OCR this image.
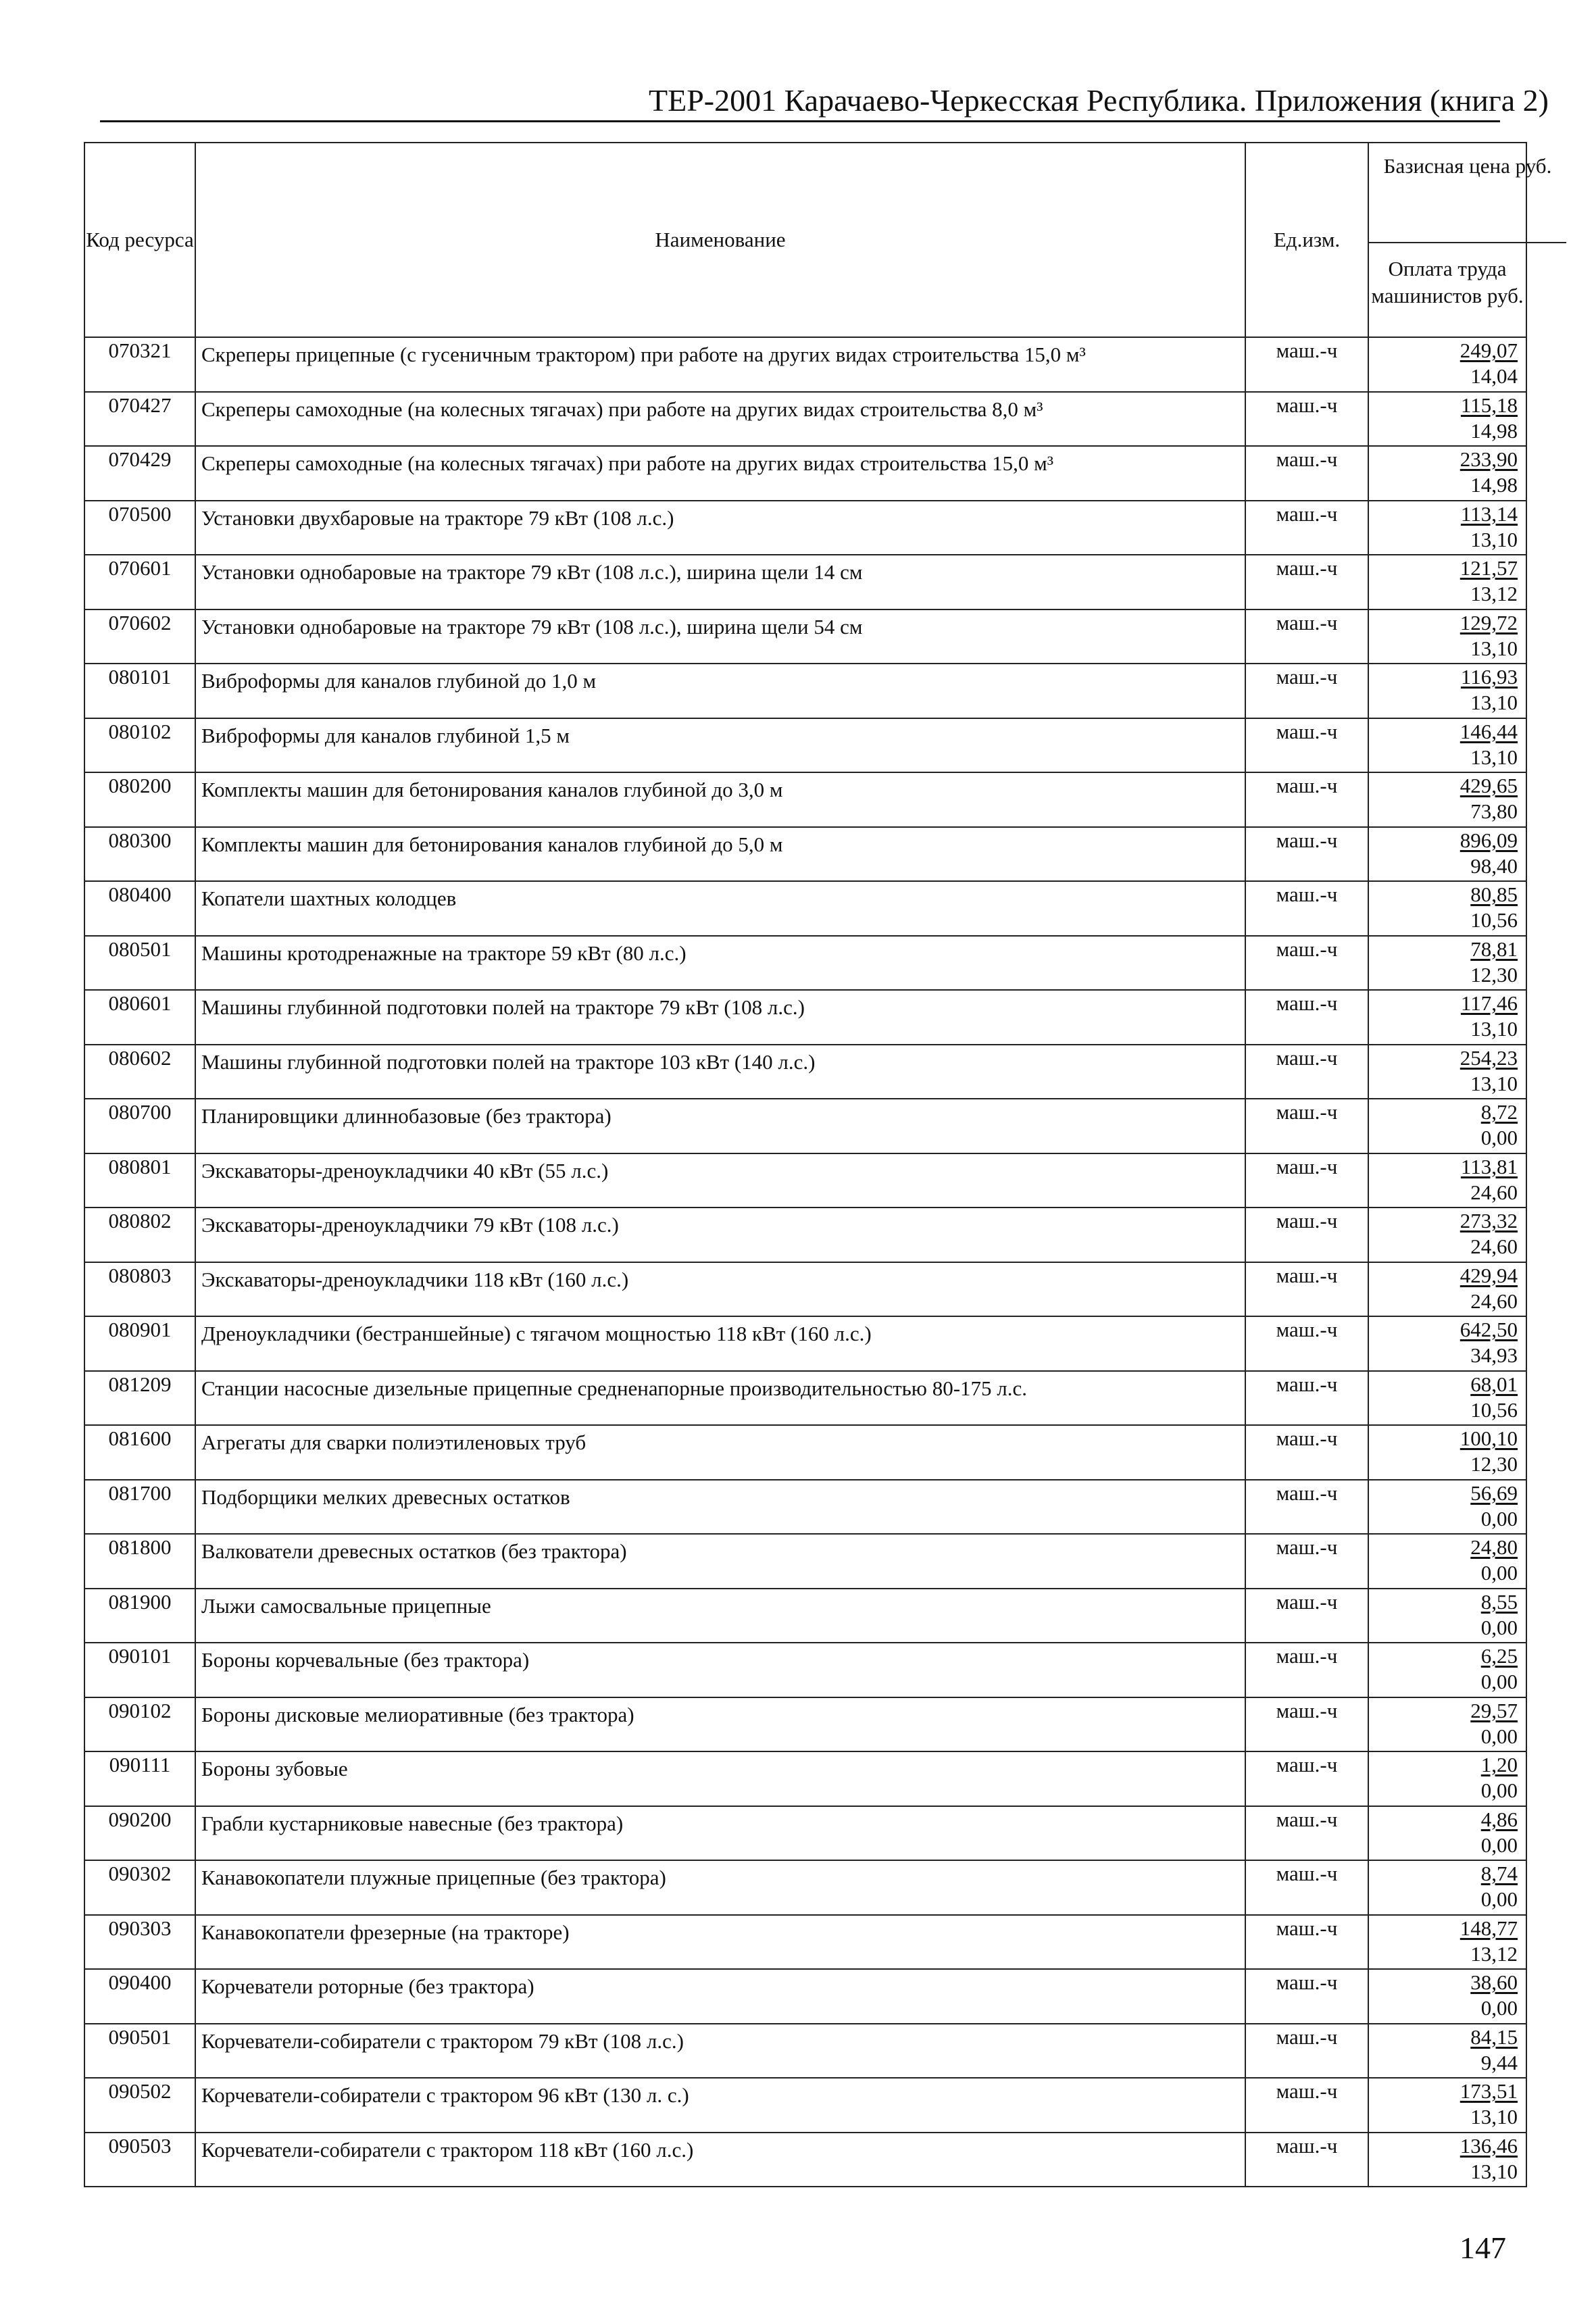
ТЕР-2001 Карачаево-Черкесская Республика. Приложения (книга 2)
Код ресурса	Наименование	Ед.изм.	Базисная цена руб.
Оплата труда машинистов руб.

070321	Скреперы прицепные (с гусеничным трактором) при работе на других видах строительства 15,0 м³	маш.-ч	249,07
14,04

070427	Скреперы самоходные (на колесных тягачах) при работе на других видах строительства 8,0 м³	маш.-ч	115,18
14,98

070429	Скреперы самоходные (на колесных тягачах) при работе на других видах строительства 15,0 м³	маш.-ч	233,90
14,98

070500	Установки двухбаровые на тракторе 79 кВт (108 л.с.)	маш.-ч	113,14
13,10

070601	Установки однобаровые на тракторе 79 кВт (108 л.с.), ширина щели 14 см	маш.-ч	121,57
13,12

070602	Установки однобаровые на тракторе 79 кВт (108 л.с.), ширина щели 54 см	маш.-ч	129,72
13,10

080101	Виброформы для каналов глубиной до 1,0 м	маш.-ч	116,93
13,10

080102	Виброформы для каналов глубиной 1,5 м	маш.-ч	146,44
13,10

080200	Комплекты машин для бетонирования каналов глубиной до 3,0 м	маш.-ч	429,65
73,80

080300	Комплекты машин для бетонирования каналов глубиной до 5,0 м	маш.-ч	896,09
98,40

080400	Копатели шахтных колодцев	маш.-ч	80,85
10,56

080501	Машины кротодренажные на тракторе 59 кВт (80 л.с.)	маш.-ч	78,81
12,30

080601	Машины глубинной подготовки полей на тракторе 79 кВт (108 л.с.)	маш.-ч	117,46
13,10

080602	Машины глубинной подготовки полей на тракторе 103 кВт (140 л.с.)	маш.-ч	254,23
13,10

080700	Планировщики длиннобазовые (без трактора)	маш.-ч	8,72
0,00

080801	Экскаваторы-дреноукладчики 40 кВт (55 л.с.)	маш.-ч	113,81
24,60

080802	Экскаваторы-дреноукладчики 79 кВт (108 л.с.)	маш.-ч	273,32
24,60

080803	Экскаваторы-дреноукладчики 118 кВт (160 л.с.)	маш.-ч	429,94
24,60

080901	Дреноукладчики (бестраншейные) с тягачом мощностью 118 кВт (160 л.с.)	маш.-ч	642,50
34,93

081209	Станции насосные дизельные прицепные средненапорные производительностью 80-175 л.с.	маш.-ч	68,01
10,56

081600	Агрегаты для сварки полиэтиленовых труб	маш.-ч	100,10
12,30

081700	Подборщики мелких древесных остатков	маш.-ч	56,69
0,00

081800	Валкователи древесных остатков (без трактора)	маш.-ч	24,80
0,00

081900	Лыжи самосвальные прицепные	маш.-ч	8,55
0,00

090101	Бороны корчевальные (без трактора)	маш.-ч	6,25
0,00

090102	Бороны дисковые мелиоративные (без трактора)	маш.-ч	29,57
0,00

090111	Бороны зубовые	маш.-ч	1,20
0,00

090200	Грабли кустарниковые навесные (без трактора)	маш.-ч	4,86
0,00

090302	Канавокопатели плужные прицепные (без трактора)	маш.-ч	8,74
0,00

090303	Канавокопатели фрезерные (на тракторе)	маш.-ч	148,77
13,12

090400	Корчеватели роторные (без трактора)	маш.-ч	38,60
0,00

090501	Корчеватели-собиратели с трактором 79 кВт (108 л.с.)	маш.-ч	84,15
9,44

090502	Корчеватели-собиратели с трактором 96 кВт (130 л. с.)	маш.-ч	173,51
13,10

090503	Корчеватели-собиратели с трактором 118 кВт (160 л.с.)	маш.-ч	136,46
13,10
147
